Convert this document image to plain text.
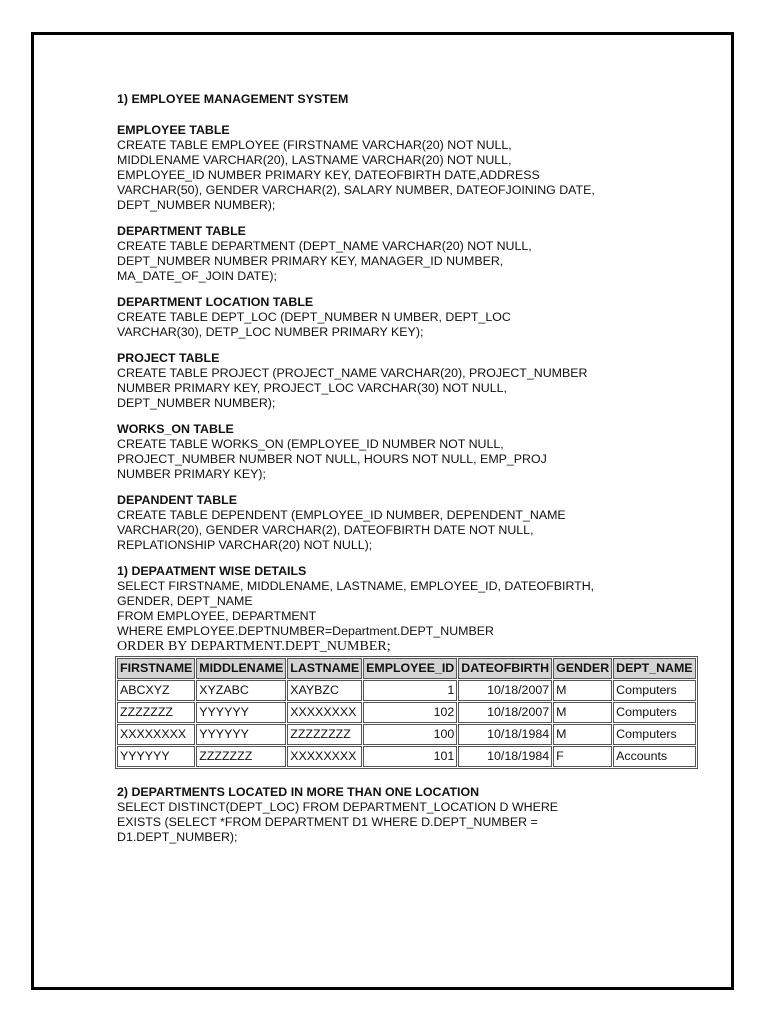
1) EMPLOYEE MANAGEMENT SYSTEM
EMPLOYEE TABLE
CREATE TABLE EMPLOYEE (FIRSTNAME VARCHAR(20) NOT NULL,
MIDDLENAME VARCHAR(20), LASTNAME VARCHAR(20) NOT NULL,
EMPLOYEE_ID NUMBER PRIMARY KEY, DATEOFBIRTH DATE,ADDRESS
VARCHAR(50), GENDER VARCHAR(2), SALARY NUMBER, DATEOFJOINING DATE,
DEPT_NUMBER NUMBER);
DEPARTMENT TABLE
CREATE TABLE DEPARTMENT (DEPT_NAME VARCHAR(20) NOT NULL,
DEPT_NUMBER NUMBER PRIMARY KEY, MANAGER_ID NUMBER,
MA_DATE_OF_JOIN DATE);
DEPARTMENT LOCATION TABLE
CREATE TABLE DEPT_LOC (DEPT_NUMBER N UMBER, DEPT_LOC
VARCHAR(30), DETP_LOC NUMBER PRIMARY KEY);
PROJECT TABLE
CREATE TABLE PROJECT (PROJECT_NAME VARCHAR(20), PROJECT_NUMBER
NUMBER PRIMARY KEY, PROJECT_LOC VARCHAR(30) NOT NULL,
DEPT_NUMBER NUMBER);
WORKS_ON TABLE
CREATE TABLE WORKS_ON (EMPLOYEE_ID NUMBER NOT NULL,
PROJECT_NUMBER NUMBER NOT NULL, HOURS NOT NULL, EMP_PROJ
NUMBER PRIMARY KEY);
DEPANDENT TABLE
CREATE TABLE DEPENDENT (EMPLOYEE_ID NUMBER, DEPENDENT_NAME
VARCHAR(20), GENDER VARCHAR(2), DATEOFBIRTH DATE NOT NULL,
REPLATIONSHIP VARCHAR(20) NOT NULL);
1) DEPAATMENT WISE DETAILS
SELECT FIRSTNAME, MIDDLENAME, LASTNAME, EMPLOYEE_ID, DATEOFBIRTH,
GENDER, DEPT_NAME
FROM EMPLOYEE, DEPARTMENT
WHERE EMPLOYEE.DEPTNUMBER=Department.DEPT_NUMBER
ORDER BY DEPARTMENT.DEPT_NUMBER;
FIRSTNAME	MIDDLENAME	LASTNAME	EMPLOYEE_ID	DATEOFBIRTH	GENDER	DEPT_NAME
ABCXYZ	XYZABC	XAYBZC	1	10/18/2007	M	Computers
ZZZZZZZ	YYYYYY	XXXXXXXX	102	10/18/2007	M	Computers
XXXXXXXX	YYYYYY	ZZZZZZZZ	100	10/18/1984	M	Computers
YYYYYY	ZZZZZZZ	XXXXXXXX	101	10/18/1984	F	Accounts
2) DEPARTMENTS LOCATED IN MORE THAN ONE LOCATION
SELECT DISTINCT(DEPT_LOC) FROM DEPARTMENT_LOCATION D WHERE
EXISTS (SELECT *FROM DEPARTMENT D1 WHERE D.DEPT_NUMBER =
D1.DEPT_NUMBER);
